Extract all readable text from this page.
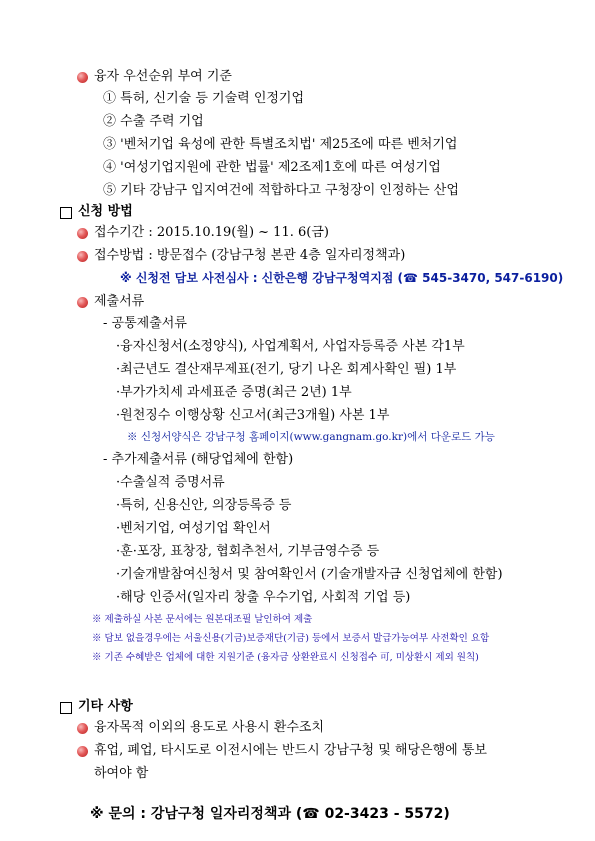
융자 우선순위 부여 기준
① 특허, 신기술 등 기술력 인정기업
② 수출 주력 기업
③ '벤처기업 육성에 관한 특별조치법' 제25조에 따른 벤처기업
④ '여성기업지원에 관한 법률' 제2조제1호에 따른 여성기업
⑤ 기타 강남구 입지여건에 적합하다고 구청장이 인정하는 산업
신청 방법
접수기간 : 2015.10.19(월) ~ 11. 6(금)
접수방법 : 방문접수 (강남구청 본관 4층 일자리정책과)
※ 신청전 담보 사전심사 : 신한은행 강남구청역지점 (☎ 545-3470, 547-6190)
제출서류
- 공통제출서류
·융자신청서(소정양식), 사업계획서, 사업자등록증 사본 각1부
·최근년도 결산재무제표(전기, 당기 나온 회계사확인 필) 1부
·부가가치세 과세표준 증명(최근 2년) 1부
·원천징수 이행상황 신고서(최근3개월) 사본 1부
※ 신청서양식은 강남구청 홈페이지(www.gangnam.go.kr)에서 다운로드 가능
- 추가제출서류 (해당업체에 한함)
·수출실적 증명서류
·특허, 신용신안, 의장등록증 등
·벤처기업, 여성기업 확인서
·훈·포장, 표창장, 협회추천서, 기부금영수증 등
·기술개발참여신청서 및 참여확인서 (기술개발자금 신청업체에 한함)
·해당 인증서(일자리 창출 우수기업, 사회적 기업 등)
※ 제출하실 사본 문서에는 원본대조필 날인하여 제출
※ 담보 없을경우에는 서울신용(기금)보증재단(기금) 등에서 보증서 발급가능여부 사전확인 요함
※ 기존 수혜받은 업체에 대한 지원기준 (융자금 상환완료시 신청접수 可, 미상환시 제외 원칙)
기타 사항
융자목적 이외의 용도로 사용시 환수조치
휴업, 폐업, 타시도로 이전시에는 반드시 강남구청 및 해당은행에 통보
하여야 함
※ 문의 : 강남구청 일자리정책과 (☎ 02-3423 - 5572)
